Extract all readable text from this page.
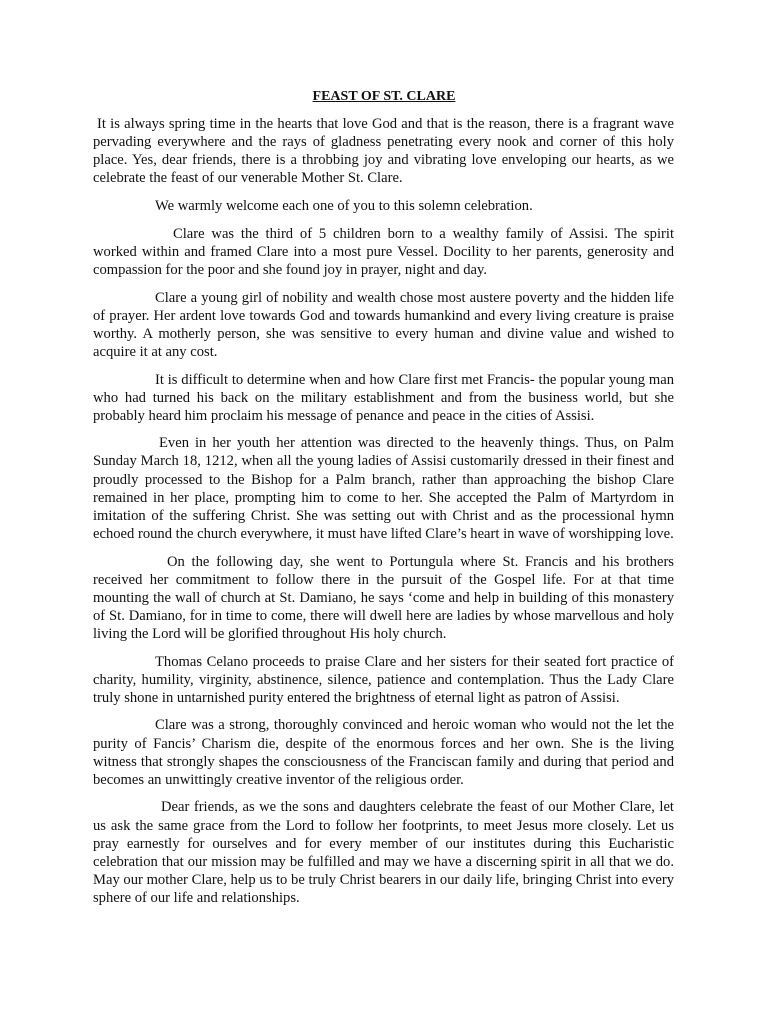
FEAST OF ST. CLARE

It is always spring time in the hearts that love God and that is the reason, there is a fragrant wave pervading everywhere and the rays of gladness penetrating every nook and corner of this holy place. Yes, dear friends, there is a throbbing joy and vibrating love enveloping our hearts, as we celebrate the feast of our venerable Mother St. Clare.

We warmly welcome each one of you to this solemn celebration.

Clare was the third of 5 children born to a wealthy family of Assisi. The spirit worked within and framed Clare into a most pure Vessel. Docility to her parents, generosity and compassion for the poor and she found joy in prayer, night and day.

Clare a young girl of nobility and wealth chose most austere poverty and the hidden life of prayer. Her ardent love towards God and towards humankind and every living creature is praise worthy. A motherly person, she was sensitive to every human and divine value and wished to acquire it at any cost.

It is difficult to determine when and how Clare first met Francis- the popular young man who had turned his back on the military establishment and from the business world, but she probably heard him proclaim his message of penance and peace in the cities of Assisi.

Even in her youth her attention was directed to the heavenly things. Thus, on Palm Sunday March 18, 1212, when all the young ladies of Assisi customarily dressed in their finest and proudly processed to the Bishop for a Palm branch, rather than approaching the bishop Clare remained in her place, prompting him to come to her. She accepted the Palm of Martyrdom in imitation of the suffering Christ. She was setting out with Christ and as the processional hymn echoed round the church everywhere, it must have lifted Clare’s heart in wave of worshipping love.

On the following day, she went to Portungula where St. Francis and his brothers received her commitment to follow there in the pursuit of the Gospel life. For at that time mounting the wall of church at St. Damiano, he says ‘come and help in building of this monastery of St. Damiano, for in time to come, there will dwell here are ladies by whose marvellous and holy living the Lord will be glorified throughout His holy church.

Thomas Celano proceeds to praise Clare and her sisters for their seated fort practice of charity, humility, virginity, abstinence, silence, patience and contemplation. Thus the Lady Clare truly shone in untarnished purity entered the brightness of eternal light as patron of Assisi.

Clare was a strong, thoroughly convinced and heroic woman who would not the let the purity of Fancis’ Charism die, despite of the enormous forces and her own. She is the living witness that strongly shapes the consciousness of the Franciscan family and during that period and becomes an unwittingly creative inventor of the religious order.

Dear friends, as we the sons and daughters celebrate the feast of our Mother Clare, let us ask the same grace from the Lord to follow her footprints, to meet Jesus more closely. Let us pray earnestly for ourselves and for every member of our institutes during this Eucharistic celebration that our mission may be fulfilled and may we have a discerning spirit in all that we do. May our mother Clare, help us to be truly Christ bearers in our daily life, bringing Christ into every sphere of our life and relationships.
